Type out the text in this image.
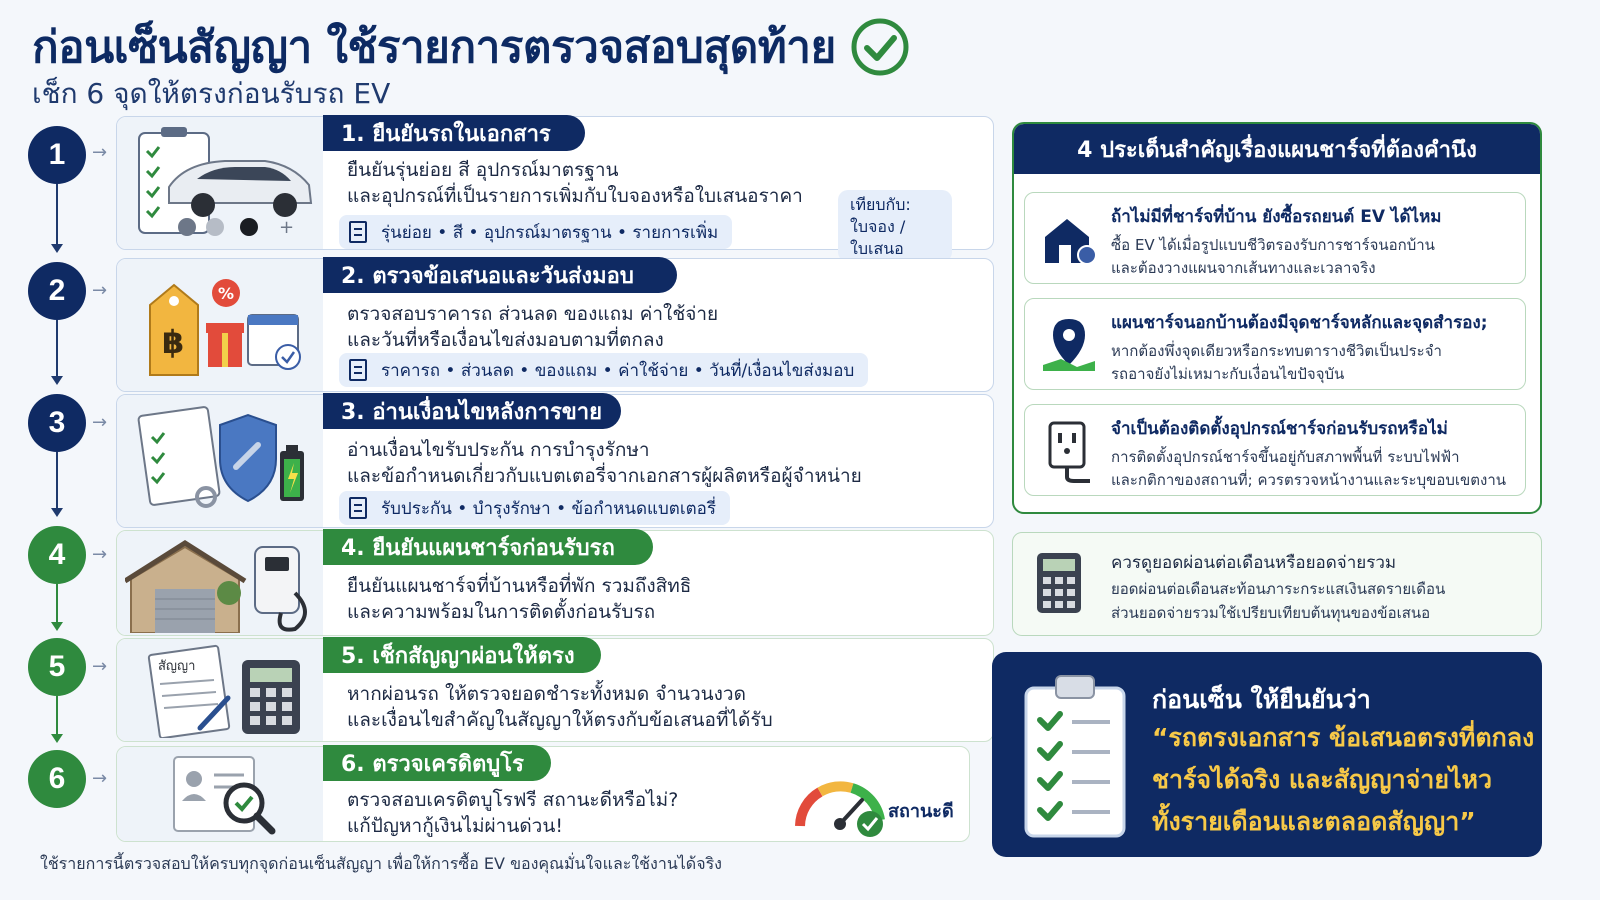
ก่อนเซ็นสัญญา ใช้รายการตรวจสอบสุดท้าย
เช็ก 6 จุดให้ตรงก่อนรับรถ EV
1	→
2	→
3	→
4	→
5	→
6	→
+
1. ยืนยันรถในเอกสาร
ยืนยันรุ่นย่อย สี อุปกรณ์มาตรฐาน
และอุปกรณ์ที่เป็นรายการเพิ่มกับใบจองหรือใบเสนอราคา
รุ่นย่อย • สี • อุปกรณ์มาตรฐาน • รายการเพิ่ม
เทียบกับ:
ใบจอง /
ใบเสนอ
฿
%
2. ตรวจข้อเสนอและวันส่งมอบ
ตรวจสอบราคารถ ส่วนลด ของแถม ค่าใช้จ่าย
และวันที่หรือเงื่อนไขส่งมอบตามที่ตกลง
ราคารถ • ส่วนลด • ของแถม • ค่าใช้จ่าย • วันที่/เงื่อนไขส่งมอบ
3. อ่านเงื่อนไขหลังการขาย
อ่านเงื่อนไขรับประกัน การบำรุงรักษา
และข้อกำหนดเกี่ยวกับแบตเตอรี่จากเอกสารผู้ผลิตหรือผู้จำหน่าย
รับประกัน • บำรุงรักษา • ข้อกำหนดแบตเตอรี่
4. ยืนยันแผนชาร์จก่อนรับรถ
ยืนยันแผนชาร์จที่บ้านหรือที่พัก รวมถึงสิทธิ
และความพร้อมในการติดตั้งก่อนรับรถ
สัญญา	5. เช็กสัญญาผ่อนให้ตรง
หากผ่อนรถ ให้ตรวจยอดชำระทั้งหมด จำนวนงวด
และเงื่อนไขสำคัญในสัญญาให้ตรงกับข้อเสนอที่ได้รับ
6. ตรวจเครดิตบูโร
ตรวจสอบเครดิตบูโรฟรี สถานะดีหรือไม่?
แก้ปัญหากู้เงินไม่ผ่านด่วน!
สถานะดี
ใช้รายการนี้ตรวจสอบให้ครบทุกจุดก่อนเซ็นสัญญา เพื่อให้การซื้อ EV ของคุณมั่นใจและใช้งานได้จริง
4 ประเด็นสำคัญเรื่องแผนชาร์จที่ต้องคำนึง
ถ้าไม่มีที่ชาร์จที่บ้าน ยังซื้อรถยนต์ EV ได้ไหม
ซื้อ EV ได้เมื่อรูปแบบชีวิตรองรับการชาร์จนอกบ้าน
และต้องวางแผนจากเส้นทางและเวลาจริง
แผนชาร์จนอกบ้านต้องมีจุดชาร์จหลักและจุดสำรอง;
หากต้องพึ่งจุดเดียวหรือกระทบตารางชีวิตเป็นประจำ
รถอาจยังไม่เหมาะกับเงื่อนไขปัจจุบัน
จำเป็นต้องติดตั้งอุปกรณ์ชาร์จก่อนรับรถหรือไม่
การติดตั้งอุปกรณ์ชาร์จขึ้นอยู่กับสภาพพื้นที่ ระบบไฟฟ้า
และกติกาของสถานที่; ควรตรวจหน้างานและระบุขอบเขตงาน
ควรดูยอดผ่อนต่อเดือนหรือยอดจ่ายรวม
ยอดผ่อนต่อเดือนสะท้อนภาระกระแสเงินสดรายเดือน
ส่วนยอดจ่ายรวมใช้เปรียบเทียบต้นทุนของข้อเสนอ
ก่อนเซ็น ให้ยืนยันว่า
“รถตรงเอกสาร ข้อเสนอตรงที่ตกลง
ชาร์จได้จริง และสัญญาจ่ายไหว
ทั้งรายเดือนและตลอดสัญญา”
